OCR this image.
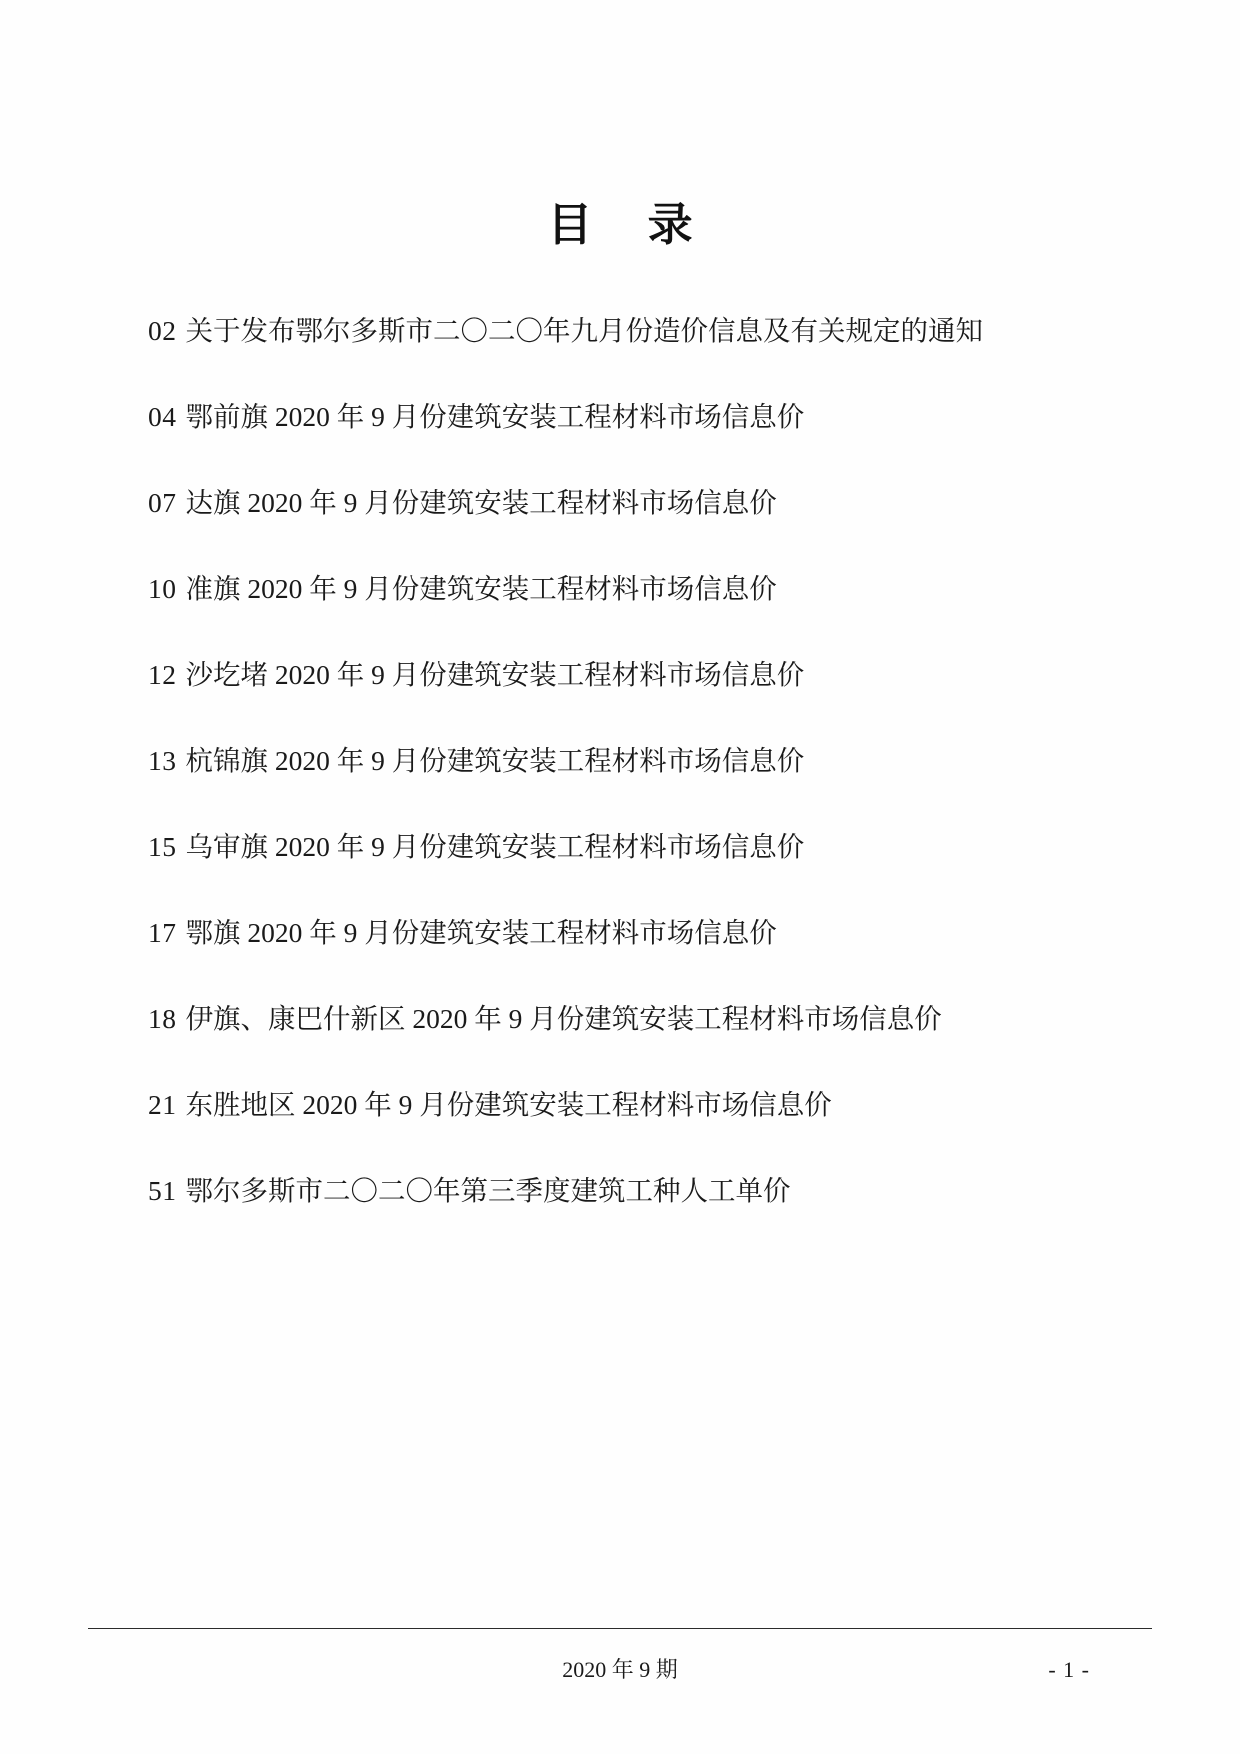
目 录
02 关于发布鄂尔多斯市二〇二〇年九月份造价信息及有关规定的通知
04 鄂前旗 2020 年 9 月份建筑安装工程材料市场信息价
07 达旗 2020 年 9 月份建筑安装工程材料市场信息价
10 准旗 2020 年 9 月份建筑安装工程材料市场信息价
12 沙圪堵 2020 年 9 月份建筑安装工程材料市场信息价
13 杭锦旗 2020 年 9 月份建筑安装工程材料市场信息价
15 乌审旗 2020 年 9 月份建筑安装工程材料市场信息价
17 鄂旗 2020 年 9 月份建筑安装工程材料市场信息价
18 伊旗、康巴什新区 2020 年 9 月份建筑安装工程材料市场信息价
21 东胜地区 2020 年 9 月份建筑安装工程材料市场信息价
51 鄂尔多斯市二〇二〇年第三季度建筑工种人工单价
2020 年 9 期	- 1 -
